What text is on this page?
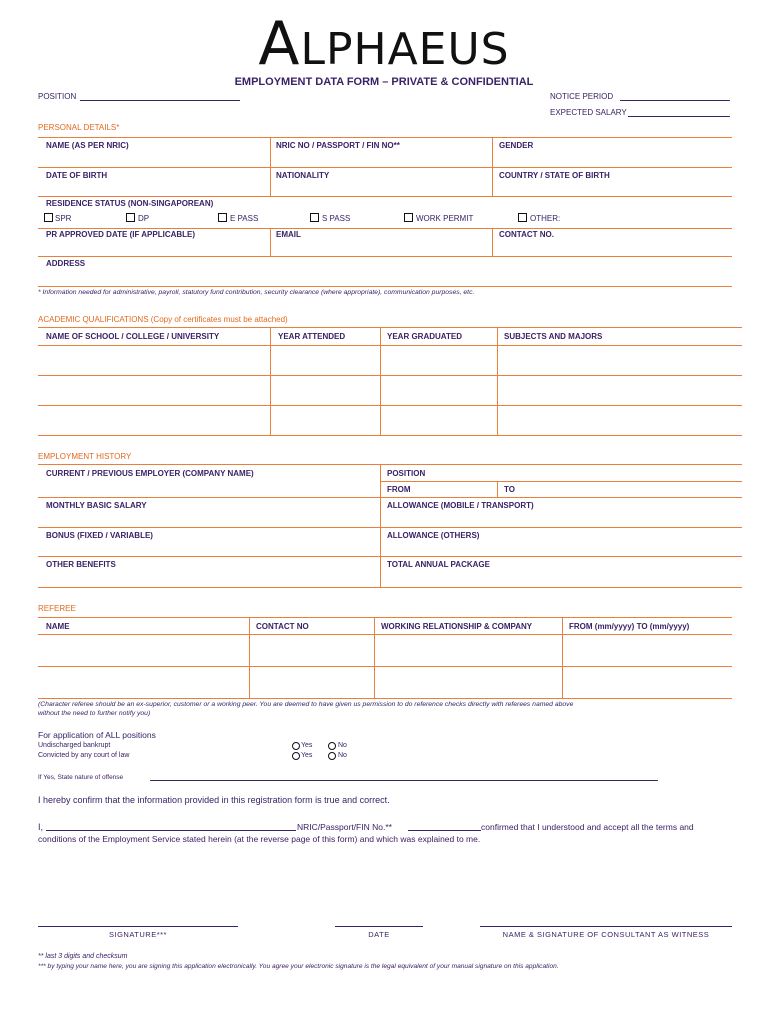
ALPHAEUS
EMPLOYMENT DATA FORM – PRIVATE & CONFIDENTIAL
POSITION	NOTICE PERIOD
EXPECTED SALARY
PERSONAL DETAILS*
NAME (AS PER NRIC)	NRIC NO / PASSPORT / FIN NO**	GENDER
DATE OF BIRTH	NATIONALITY	COUNTRY / STATE OF BIRTH
RESIDENCE STATUS (NON-SINGAPOREAN)
SPR	DP	E PASS	S PASS	WORK PERMIT	OTHER:
PR APPROVED DATE (IF APPLICABLE)	EMAIL	CONTACT NO.
ADDRESS
* Information needed for administrative, payroll, statutory fund contribution, security clearance (where appropriate), communication purposes, etc.
ACADEMIC QUALIFICATIONS (Copy of certificates must be attached)
NAME OF SCHOOL / COLLEGE / UNIVERSITY	YEAR ATTENDED	YEAR GRADUATED	SUBJECTS AND MAJORS
EMPLOYMENT HISTORY
CURRENT / PREVIOUS EMPLOYER (COMPANY NAME)	POSITION
FROM	TO
MONTHLY BASIC SALARY	ALLOWANCE (MOBILE / TRANSPORT)
BONUS (FIXED / VARIABLE)	ALLOWANCE (OTHERS)
OTHER BENEFITS	TOTAL ANNUAL PACKAGE
REFEREE
NAME	CONTACT NO	WORKING RELATIONSHIP & COMPANY	FROM (mm/yyyy) TO (mm/yyyy)
(Character referee should be an ex-superior, customer or a working peer. You are deemed to have given us permission to do reference checks directly with referees named above
without the need to further notify you)
For application of ALL positions
Undischarged bankrupt
Convicted by any court of law
Yes	No
Yes	No
If Yes, State nature of offense
I hereby confirm that the information provided in this registration form is true and correct.
I,	NRIC/Passport/FIN No.**	confirmed that I understood and accept all the terms and
conditions of the Employment Service stated herein (at the reverse page of this form) and which was explained to me.
SIGNATURE***	DATE	NAME & SIGNATURE OF CONSULTANT AS WITNESS
** last 3 digits and checksum
*** by typing your name here, you are signing this application electronically. You agree your electronic signature is the legal equivalent of your manual signature on this application.
